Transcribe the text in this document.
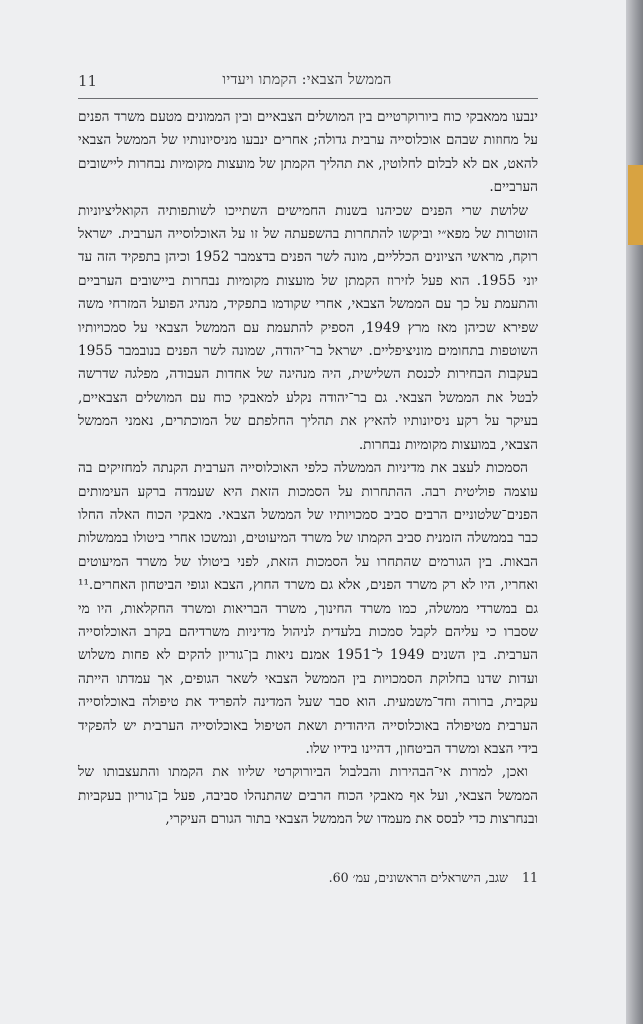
11	הממשל הצבאי: הקמתו ויעדיו

ינבעו ממאבקי כוח ביורוקרטיים בין המושלים הצבאיים ובין הממונים מטעם משרד הפנים על מחוזות שבהם אוכלוסייה ערבית גדולה; אחרים ינבעו מניסיונותיו של הממשל הצבאי להאט, אם לא לבלום לחלוטין, את תהליך הקמתן של מועצות מקומיות נבחרות ליישובים הערביים.

שלושת שרי הפנים שכיהנו בשנות החמישים השתייכו לשותפותיה הקואליציוניות הזוטרות של מפא״י וביקשו להתחרות בהשפעתה של זו על האוכלוסייה הערבית. ישראל רוקח, מראשי הציונים הכלליים, מונה לשר הפנים בדצמבר 1952 וכיהן בתפקיד הזה עד יוני 1955. הוא פעל לזירוז הקמתן של מועצות מקומיות נבחרות ביישובים הערביים והתעמת על כך עם הממשל הצבאי, אחרי שקודמו בתפקיד, מנהיג הפועל המזרחי משה שפירא שכיהן מאז מרץ 1949, הספיק להתעמת עם הממשל הצבאי על סמכויותיו השוטפות בתחומים מוניציפליים. ישראל בר־יהודה, שמונה לשר הפנים בנובמבר 1955 בעקבות הבחירות לכנסת השלישית, היה מנהיגה של אחדות העבודה, מפלגה שדרשה לבטל את הממשל הצבאי. גם בר־יהודה נקלע למאבקי כוח עם המושלים הצבאיים, בעיקר על רקע ניסיונותיו להאיץ את תהליך החלפתם של המוכתרים, נאמני הממשל הצבאי, במועצות מקומיות נבחרות.

הסמכות לעצב את מדיניות הממשלה כלפי האוכלוסייה הערבית הקנתה למחזיקים בה עוצמה פוליטית רבה. ההתחרות על הסמכות הזאת היא שעמדה ברקע העימותים הפנים־שלטוניים הרבים סביב סמכויותיו של הממשל הצבאי. מאבקי הכוח האלה החלו כבר בממשלה הזמנית סביב הקמתו של משרד המיעוטים, ונמשכו אחרי ביטולו בממשלות הבאות. בין הגורמים שהתחרו על הסמכות הזאת, לפני ביטולו של משרד המיעוטים ואחריו, היו לא רק משרד הפנים, אלא גם משרד החוץ, הצבא וגופי הביטחון האחרים.¹¹ גם במשרדי ממשלה, כמו משרד החינוך, משרד הבריאות ומשרד החקלאות, היו מי שסברו כי עליהם לקבל סמכות בלעדית לניהול מדיניות משרדיהם בקרב האוכלוסייה הערבית. בין השנים 1949 ל־1951 אמנם ניאות בן־גוריון להקים לא פחות משלוש ועדות שדנו בחלוקת הסמכויות בין הממשל הצבאי לשאר הגופים, אך עמדתו הייתה עקבית, ברורה וחד־משמעית. הוא סבר שעל המדינה להפריד את טיפולה באוכלוסייה הערבית מטיפולה באוכלוסייה היהודית ושאת הטיפול באוכלוסייה הערבית יש להפקיד בידי הצבא ומשרד הביטחון, דהיינו בידיו שלו.

ואכן, למרות אי־הבהירות והבלבול הביורוקרטי שליוו את הקמתו והתעצבותו של הממשל הצבאי, ועל אף מאבקי הכוח הרבים שהתנהלו סביבה, פעל בן־גוריון בעקביות ובנחרצות כדי לבסס את מעמדו של הממשל הצבאי בתור הגורם העיקרי,

11שגב, הישראלים הראשונים, עמ׳ 60.
